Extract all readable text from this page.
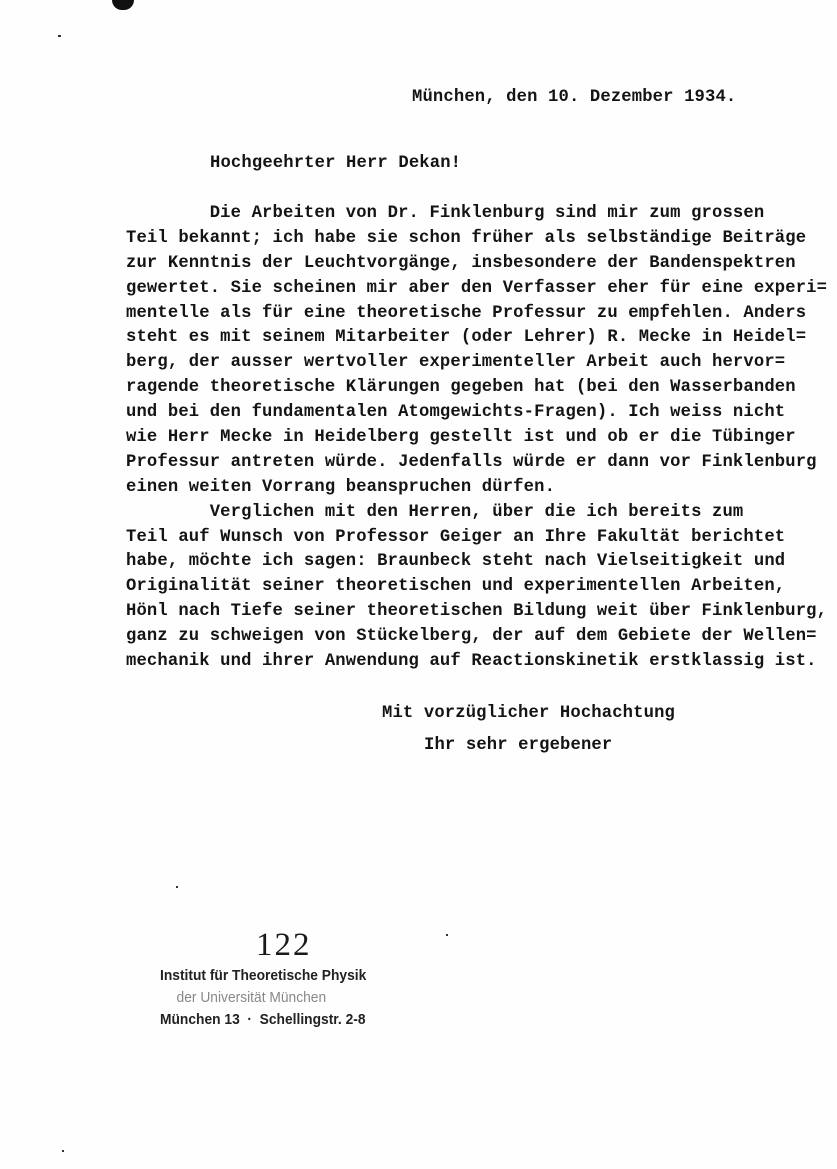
München, den 10. Dezember 1934.
Hochgeehrter Herr Dekan!
Die Arbeiten von Dr. Finklenburg sind mir zum grossen
Teil bekannt; ich habe sie schon früher als selbständige Beiträge
zur Kenntnis der Leuchtvorgänge, insbesondere der Bandenspektren
gewertet. Sie scheinen mir aber den Verfasser eher für eine experi=
mentelle als für eine theoretische Professur zu empfehlen. Anders
steht es mit seinem Mitarbeiter (oder Lehrer) R. Mecke in Heidel=
berg, der ausser wertvoller experimenteller Arbeit auch hervor=
ragende theoretische Klärungen gegeben hat (bei den Wasserbanden
und bei den fundamentalen Atomgewichts-Fragen). Ich weiss nicht
wie Herr Mecke in Heidelberg gestellt ist und ob er die Tübinger
Professur antreten würde. Jedenfalls würde er dann vor Finklenburg
einen weiten Vorrang beanspruchen dürfen.
Verglichen mit den Herren, über die ich bereits zum
Teil auf Wunsch von Professor Geiger an Ihre Fakultät berichtet
habe, möchte ich sagen: Braunbeck steht nach Vielseitigkeit und
Originalität seiner theoretischen und experimentellen Arbeiten,
Hönl nach Tiefe seiner theoretischen Bildung weit über Finklenburg,
ganz zu schweigen von Stückelberg, der auf dem Gebiete der Wellen=
mechanik und ihrer Anwendung auf Reactionskinetik erstklassig ist.
Mit vorzüglicher Hochachtung
Ihr sehr ergebener
122
Institut für Theoretische Physik
der Universität München
München 13  ·  Schellingstr. 2-8
